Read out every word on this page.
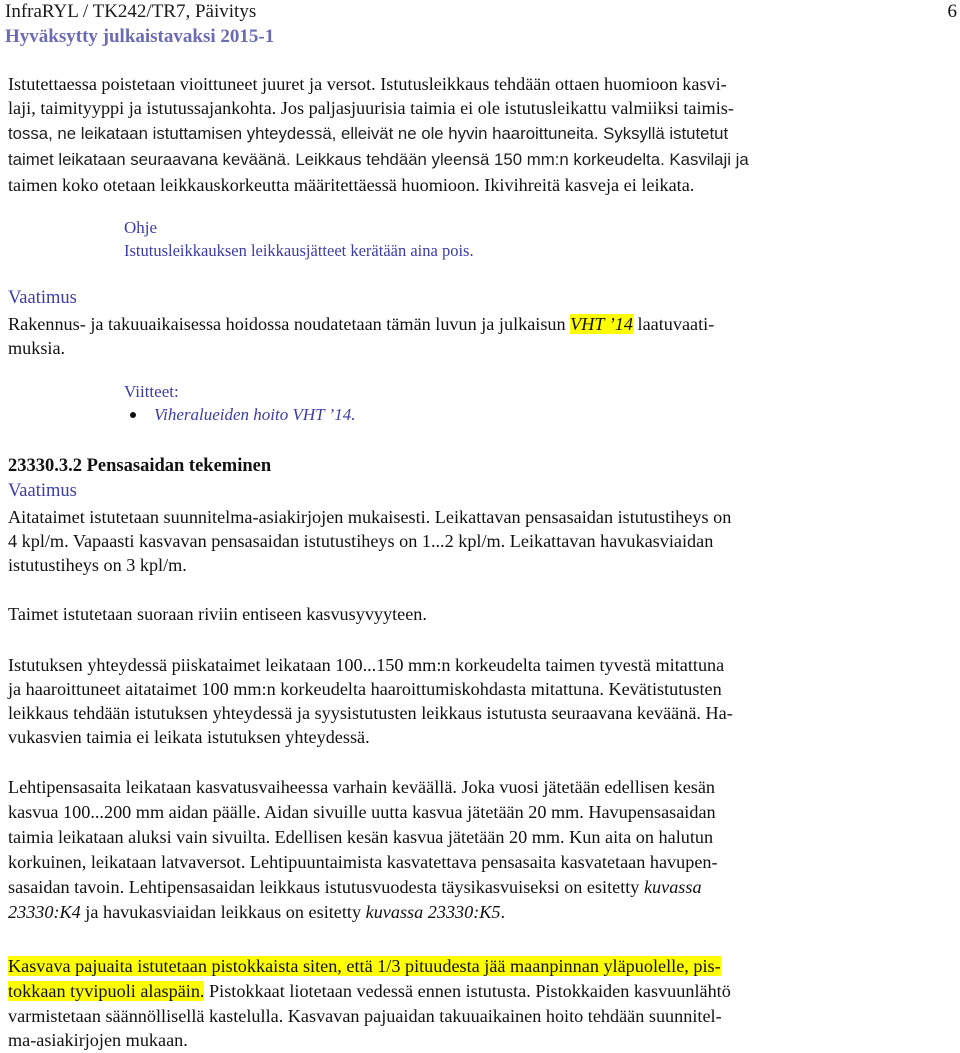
InfraRYL / TK242/TR7, Päivitys
Hyväksytty julkaistavaksi 2015-1
6
Istutettaessa poistetaan vioittuneet juuret ja versot. Istutusleikkaus tehdään ottaen huomioon kasvi-
laji, taimityyppi ja istutussajankohta. Jos paljasjuurisia taimia ei ole istutusleikattu valmiiksi taimis-
tossa, ne leikataan istuttamisen yhteydessä, elleivät ne ole hyvin haaroittuneita. Syksyllä istutetut
taimet leikataan seuraavana keväänä. Leikkaus tehdään yleensä 150 mm:n korkeudelta. Kasvilaji ja
taimen koko otetaan leikkauskorkeutta määritettäessä huomioon. Ikivihreitä kasveja ei leikata.
Ohje
Istutusleikkauksen leikkausjätteet kerätään aina pois.
Vaatimus
Rakennus- ja takuuaikaisessa hoidossa noudatetaan tämän luvun ja julkaisun VHT ’14 laatuvaati-
muksia.
Viitteet:
Viheralueiden hoito VHT ’14.
23330.3.2 Pensasaidan tekeminen
Vaatimus
Aitataimet istutetaan suunnitelma-asiakirjojen mukaisesti. Leikattavan pensasaidan istutustiheys on
4 kpl/m. Vapaasti kasvavan pensasaidan istutustiheys on 1...2 kpl/m. Leikattavan havukasviaidan
istutustiheys on 3 kpl/m.
Taimet istutetaan suoraan riviin entiseen kasvusyvyyteen.
Istutuksen yhteydessä piiskataimet leikataan 100...150 mm:n korkeudelta taimen tyvestä mitattuna
ja haaroittuneet aitataimet 100 mm:n korkeudelta haaroittumiskohdasta mitattuna. Kevätistutusten
leikkaus tehdään istutuksen yhteydessä ja syysistutusten leikkaus istutusta seuraavana keväänä. Ha-
vukasvien taimia ei leikata istutuksen yhteydessä.
Lehtipensasaita leikataan kasvatusvaiheessa varhain keväällä. Joka vuosi jätetään edellisen kesän
kasvua 100...200 mm aidan päälle. Aidan sivuille uutta kasvua jätetään 20 mm. Havupensasaidan
taimia leikataan aluksi vain sivuilta. Edellisen kesän kasvua jätetään 20 mm. Kun aita on halutun
korkuinen, leikataan latvaversot. Lehtipuuntaimista kasvatettava pensasaita kasvatetaan havupen-
sasaidan tavoin. Lehtipensasaidan leikkaus istutusvuodesta täysikasvuiseksi on esitetty kuvassa
23330:K4 ja havukasviaidan leikkaus on esitetty kuvassa 23330:K5.
Kasvava pajuaita istutetaan pistokkaista siten, että 1/3 pituudesta jää maanpinnan yläpuolelle, pis-
tokkaan tyvipuoli alaspäin. Pistokkaat liotetaan vedessä ennen istutusta. Pistokkaiden kasvuunlähtö
varmistetaan säännöllisellä kastelulla. Kasvavan pajuaidan takuuaikainen hoito tehdään suunnitel-
ma-asiakirjojen mukaan.
